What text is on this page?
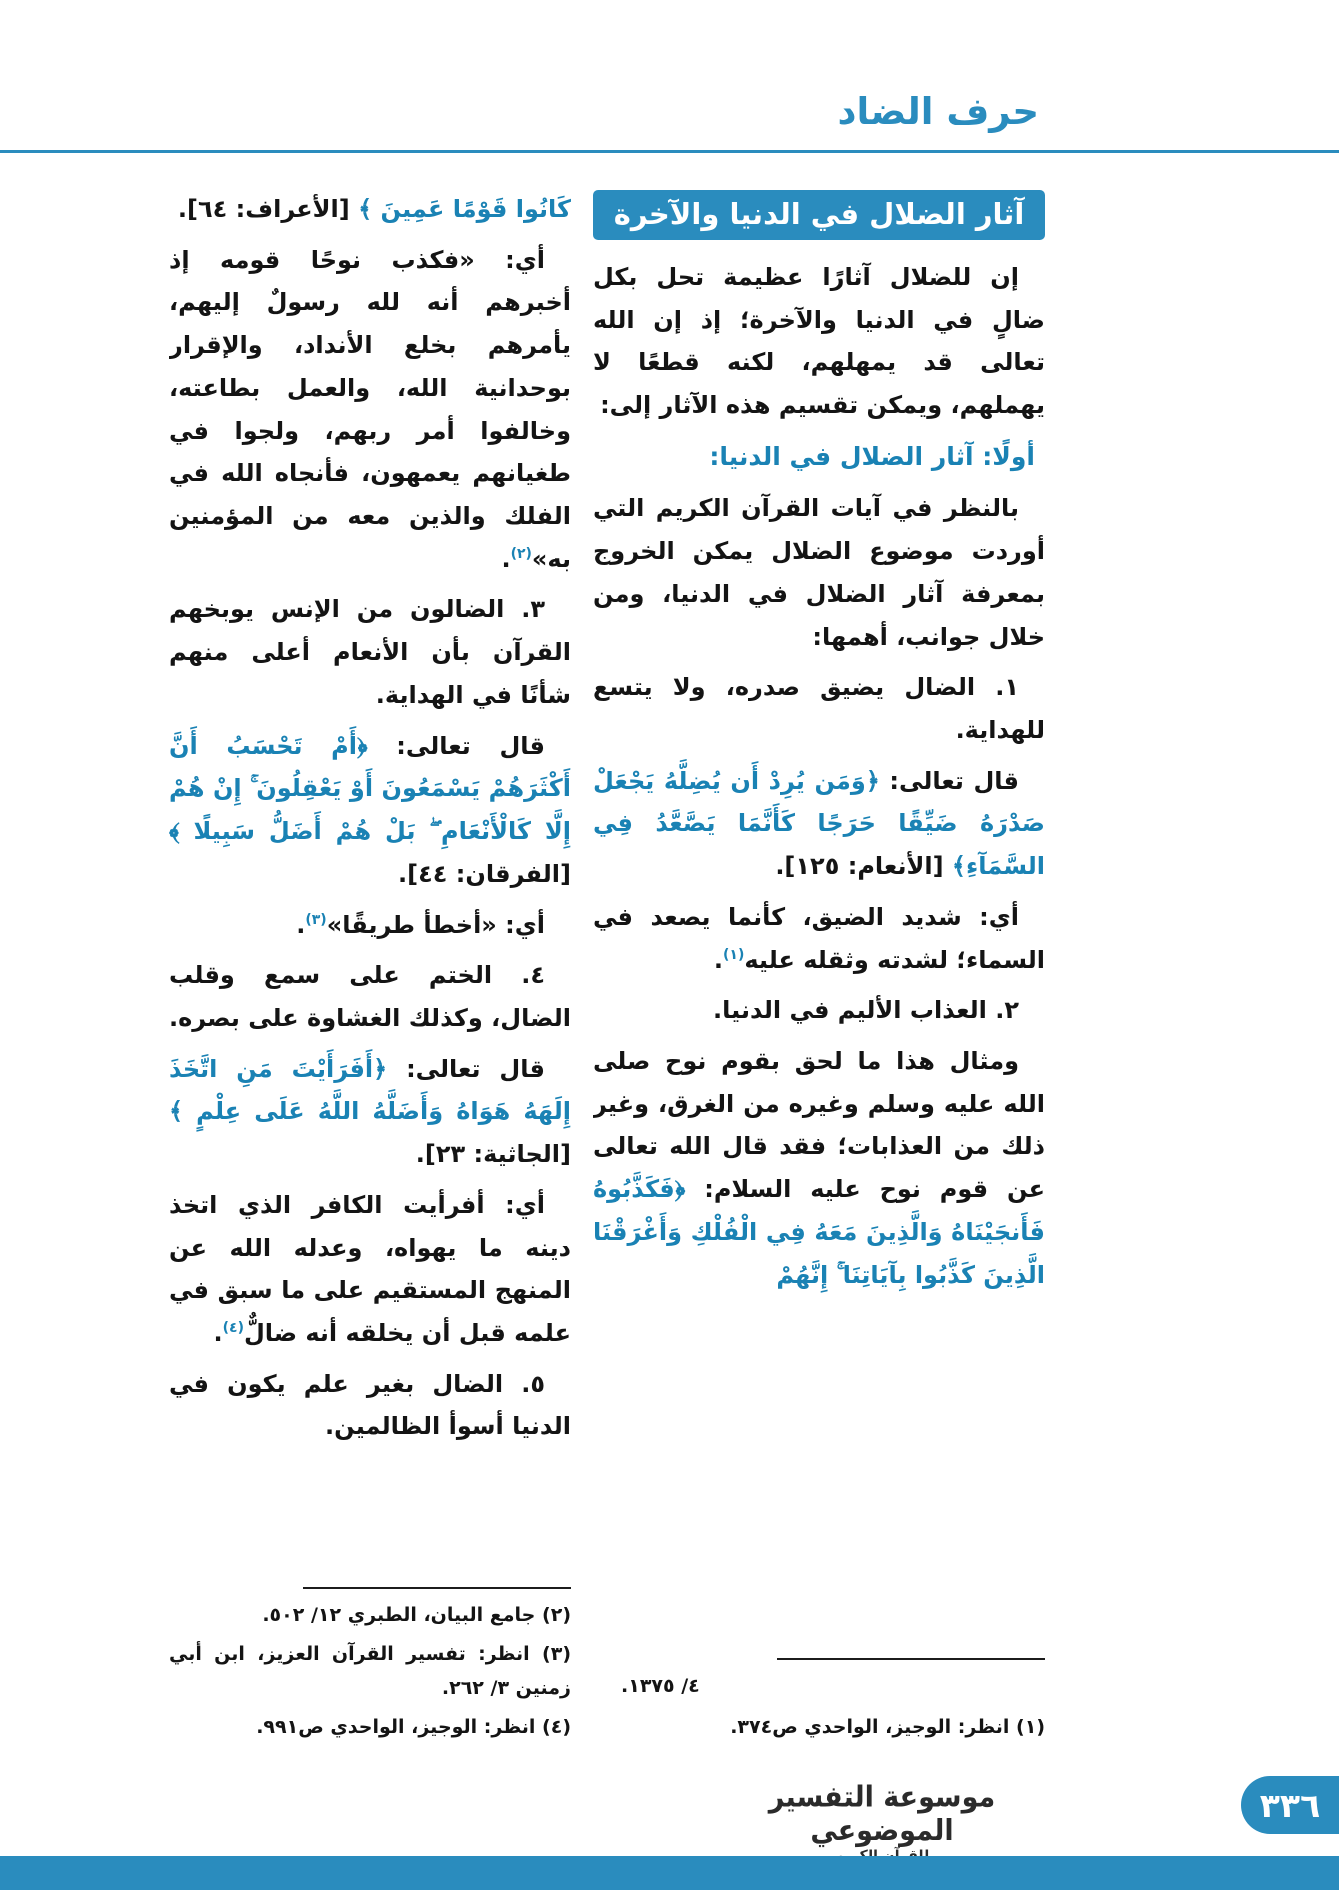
حرف الضاد
آثار الضلال في الدنيا والآخرة

إن للضلال آثارًا عظيمة تحل بكل ضالٍ في الدنيا والآخرة؛ إذ إن الله تعالى قد يمهلهم، لكنه قطعًا لا يهملهم، ويمكن تقسيم هذه الآثار إلى:

أولًا: آثار الضلال في الدنيا:

بالنظر في آيات القرآن الكريم التي أوردت موضوع الضلال يمكن الخروج بمعرفة آثار الضلال في الدنيا، ومن خلال جوانب، أهمها:

١. الضال يضيق صدره، ولا يتسع للهداية.

قال تعالى: ﴿وَمَن يُرِدْ أَن يُضِلَّهُ يَجْعَلْ صَدْرَهُ ضَيِّقًا حَرَجًا كَأَنَّمَا يَصَّعَّدُ فِي السَّمَآءِ﴾ [الأنعام: ١٢٥].

أي: شديد الضيق، كأنما يصعد في السماء؛ لشدته وثقله عليه$^{(١)}$.

٢. العذاب الأليم في الدنيا.

ومثال هذا ما لحق بقوم نوح صلى الله عليه وسلم وغيره من الغرق، وغير ذلك من العذابات؛ فقد قال الله تعالى عن قوم نوح عليه السلام: ﴿فَكَذَّبُوهُ فَأَنجَيْنَاهُ وَالَّذِينَ مَعَهُ فِي الْفُلْكِ وَأَغْرَقْنَا الَّذِينَ كَذَّبُوا بِآيَاتِنَا ۚ إِنَّهُمْ

٤/ ١٣٧٥.

(١) انظر: الوجيز، الواحدي ص٣٧٤.

كَانُوا قَوْمًا عَمِينَ ﴾ [الأعراف: ٦٤].

أي: «فكذب نوحًا قومه إذ أخبرهم أنه لله رسولٌ إليهم، يأمرهم بخلع الأنداد، والإقرار بوحدانية الله، والعمل بطاعته، وخالفوا أمر ربهم، ولجوا في طغيانهم يعمهون، فأنجاه الله في الفلك والذين معه من المؤمنين به»$^{(٢)}$.

٣. الضالون من الإنس يوبخهم القرآن بأن الأنعام أعلى منهم شأنًا في الهداية.

قال تعالى: ﴿أَمْ تَحْسَبُ أَنَّ أَكْثَرَهُمْ يَسْمَعُونَ أَوْ يَعْقِلُونَ ۚ إِنْ هُمْ إِلَّا كَالْأَنْعَامِ ۖ بَلْ هُمْ أَضَلُّ سَبِيلًا ﴾ [الفرقان: ٤٤].

أي: «أخطأ طريقًا»$^{(٣)}$.

٤. الختم على سمع وقلب الضال، وكذلك الغشاوة على بصره.

قال تعالى: ﴿أَفَرَأَيْتَ مَنِ اتَّخَذَ إِلَهَهُ هَوَاهُ وَأَضَلَّهُ اللَّهُ عَلَى عِلْمٍ ﴾ [الجاثية: ٢٣].

أي: أفرأيت الكافر الذي اتخذ دينه ما يهواه، وعدله الله عن المنهج المستقيم على ما سبق في علمه قبل أن يخلقه أنه ضالٌّ$^{(٤)}$.

٥. الضال بغير علم يكون في الدنيا أسوأ الظالمين.

(٢) جامع البيان، الطبري ١٢/ ٥٠٢.

(٣) انظر: تفسير القرآن العزيز، ابن أبي زمنين ٣/ ٢٦٢.

(٤) انظر: الوجيز، الواحدي ص٩٩١.

موسوعة التفسير الموضوعي
٣٣٦
